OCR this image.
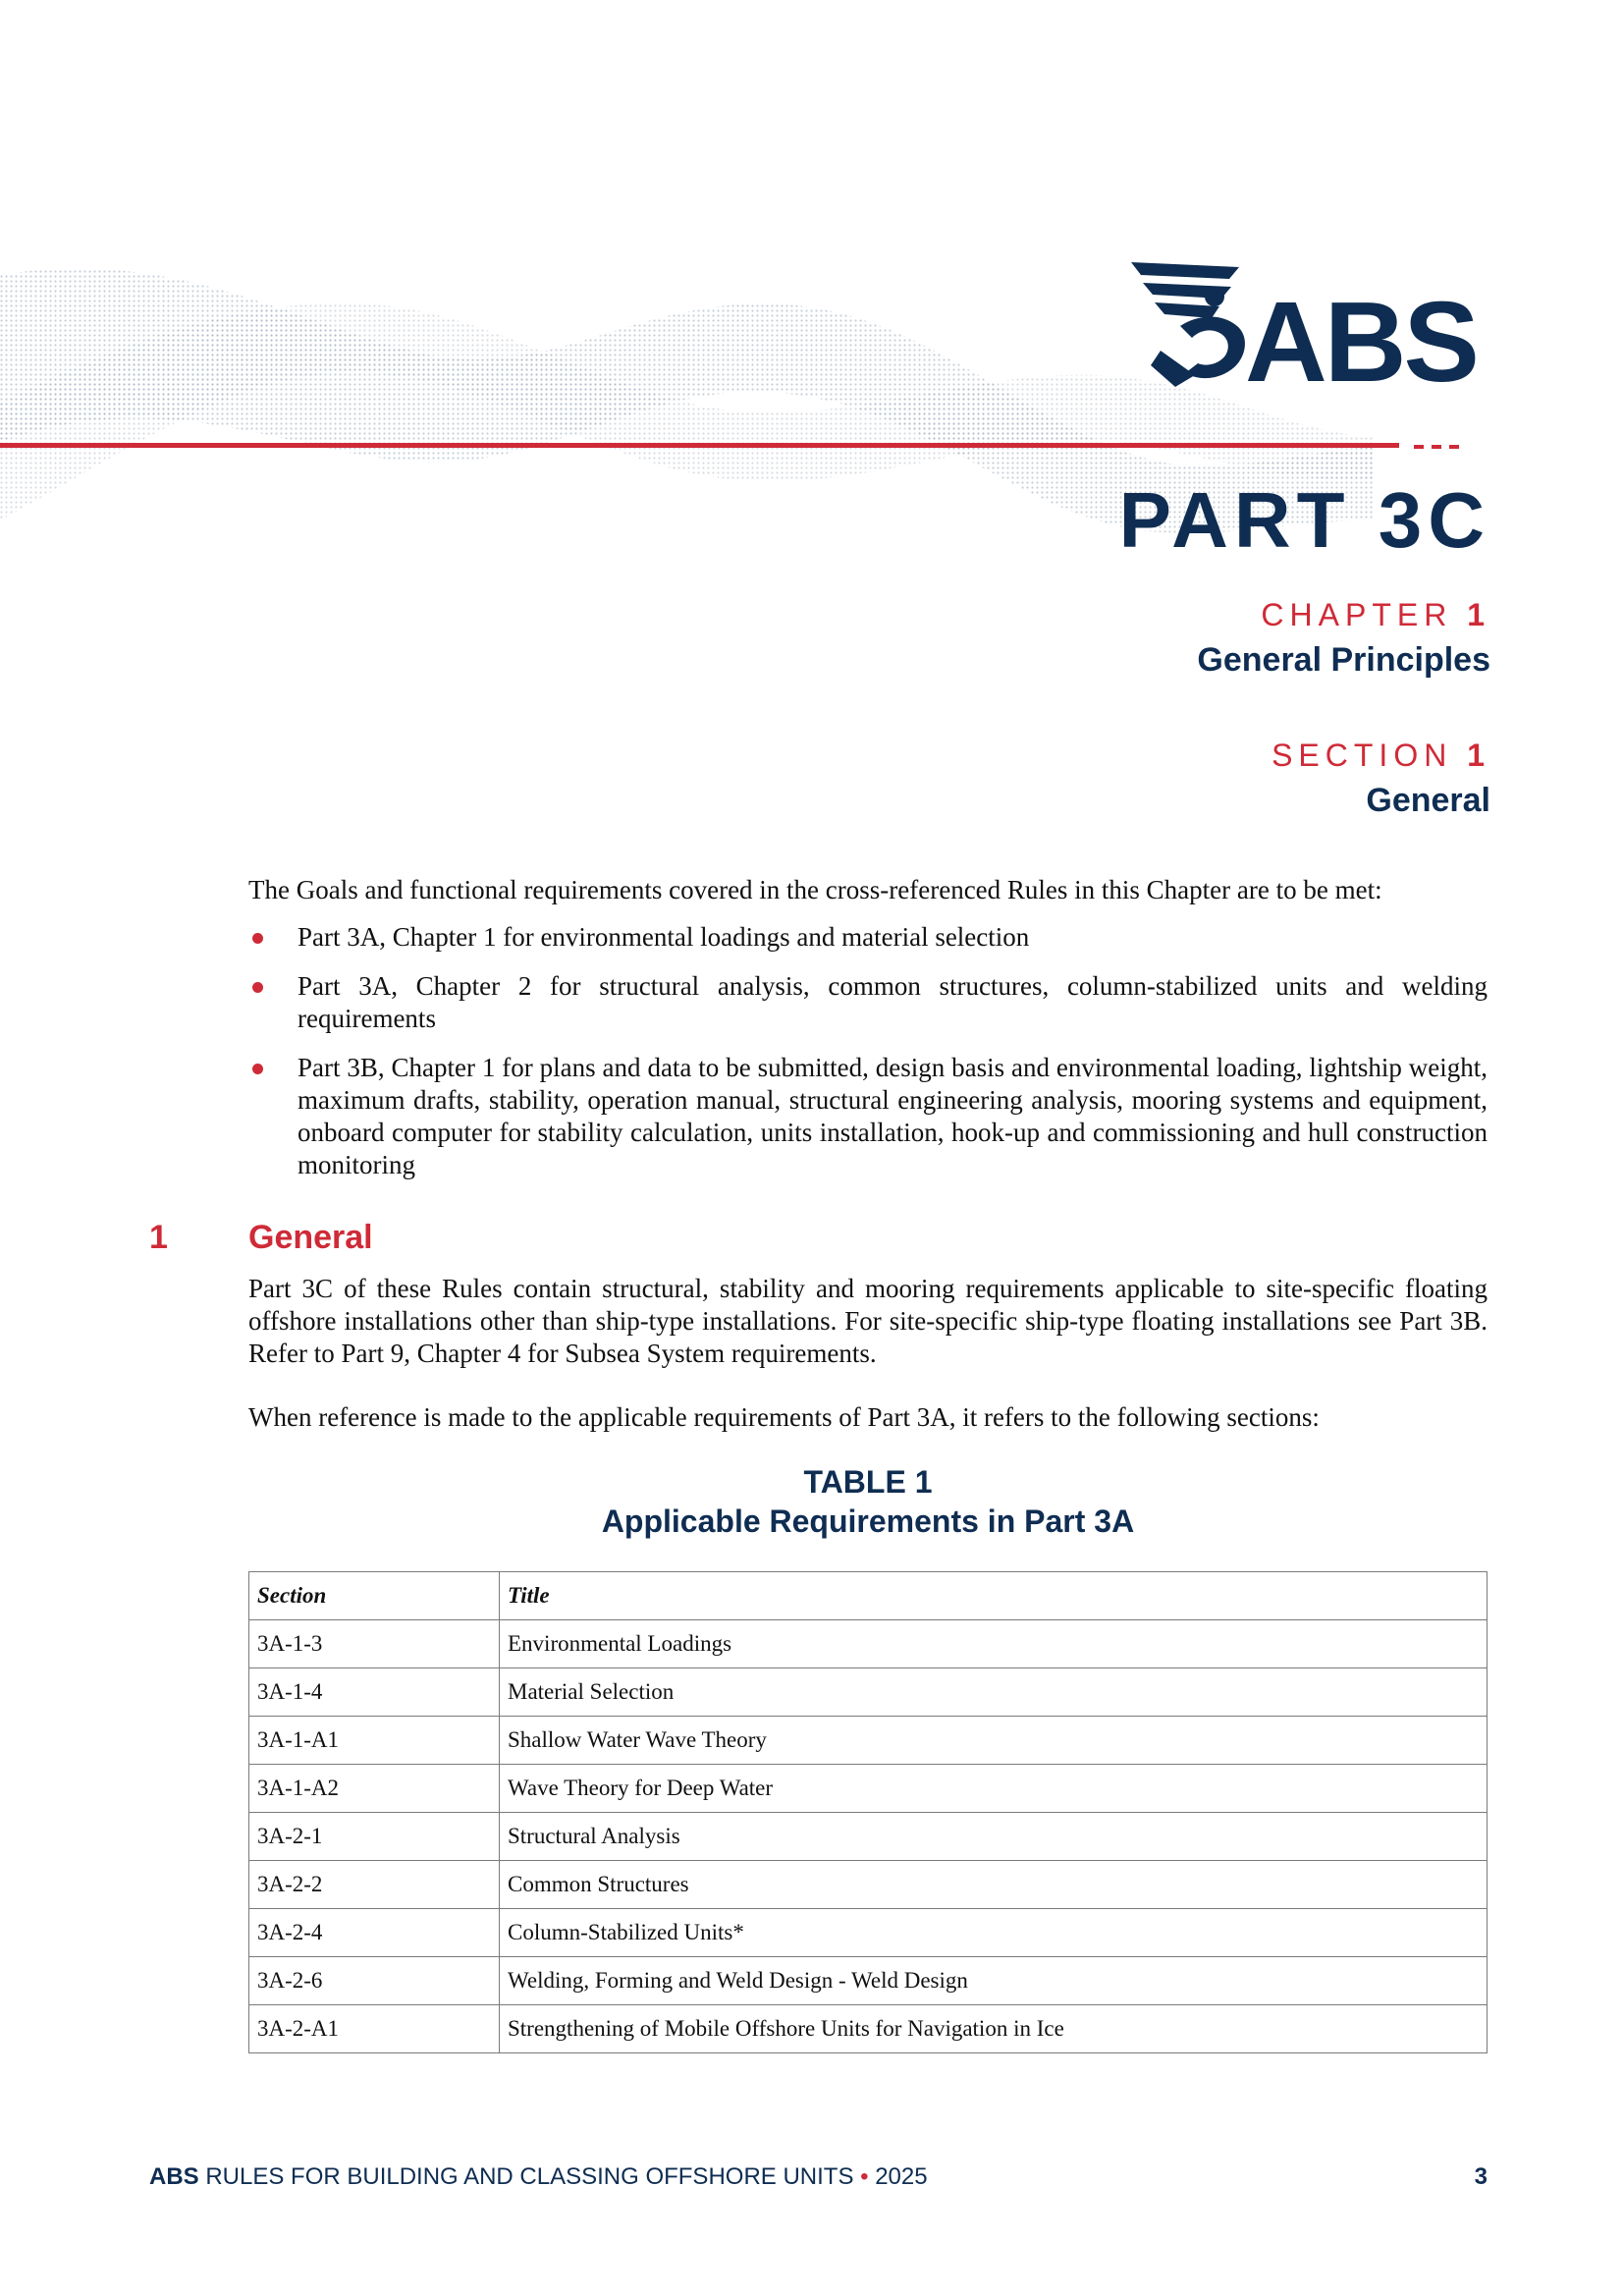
ABS
PART 3C
CHAPTER 1
General Principles
SECTION 1
General
The Goals and functional requirements covered in the cross-referenced Rules in this Chapter are to be met:
Part 3A, Chapter 1 for environmental loadings and material selection
Part 3A, Chapter 2 for structural analysis, common structures, column-stabilized units and welding requirements
Part 3B, Chapter 1 for plans and data to be submitted, design basis and environmental loading, lightship weight, maximum drafts, stability, operation manual, structural engineering analysis, mooring systems and equipment, onboard computer for stability calculation, units installation, hook-up and commissioning and hull construction monitoring
1 General
Part 3C of these Rules contain structural, stability and mooring requirements applicable to site-specific floating offshore installations other than ship-type installations. For site-specific ship-type floating installations see Part 3B. Refer to Part 9, Chapter 4 for Subsea System requirements.
When reference is made to the applicable requirements of Part 3A, it refers to the following sections:
TABLE 1
Applicable Requirements in Part 3A
Section	Title
3A-1-3	Environmental Loadings
3A-1-4	Material Selection
3A-1-A1	Shallow Water Wave Theory
3A-1-A2	Wave Theory for Deep Water
3A-2-1	Structural Analysis
3A-2-2	Common Structures
3A-2-4	Column-Stabilized Units*
3A-2-6	Welding, Forming and Weld Design - Weld Design
3A-2-A1	Strengthening of Mobile Offshore Units for Navigation in Ice
ABS RULES FOR BUILDING AND CLASSING OFFSHORE UNITS • 2025	3
